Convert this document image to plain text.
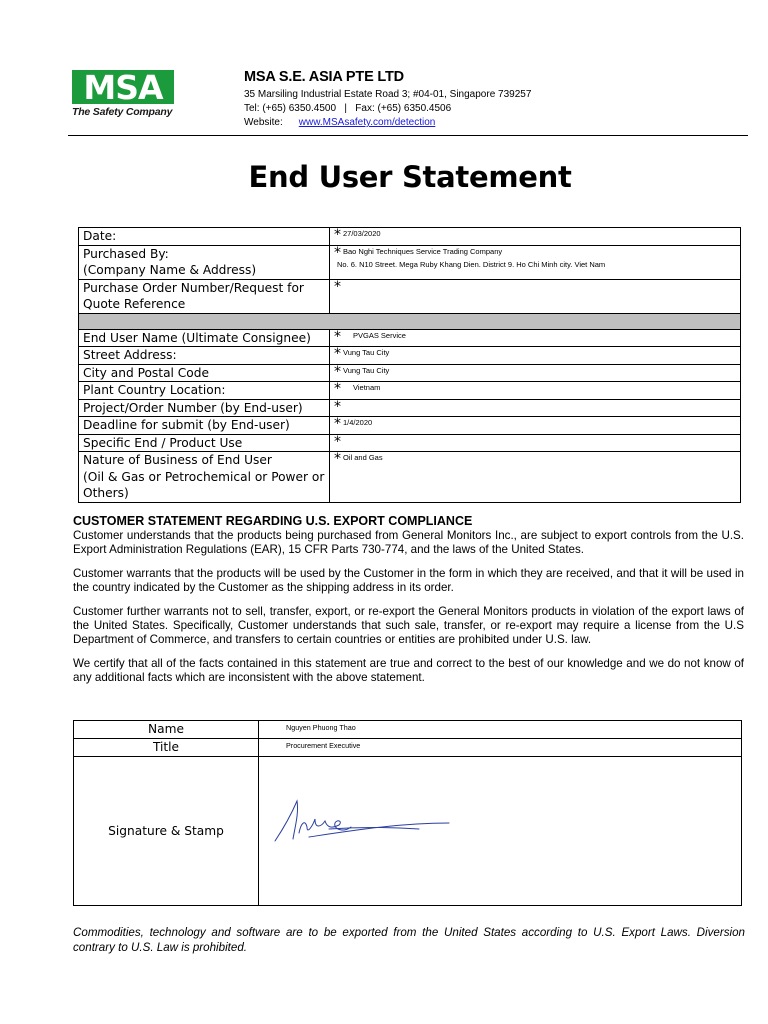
MSA
The Safety Company
MSA S.E. ASIA PTE LTD
35 Marsiling Industrial Estate Road 3; #04-01, Singapore 739257
Tel: (+65) 6350.4500   |   Fax: (+65) 6350.4506
Website: www.MSAsafety.com/detection
End User Statement
Date:	* 27/03/2020
Purchased By:
(Company Name & Address)	* Bao Nghi Techniques Service Trading Company
No. 6. N10 Street. Mega Ruby Khang Dien. District 9. Ho Chi Minh city. Viet Nam
Purchase Order Number/Request for Quote Reference	*

End User Name (Ultimate Consignee)	* PVGAS Service
Street Address:	* Vung Tau City
City and Postal Code	* Vung Tau City
Plant Country Location:	* Vietnam
Project/Order Number (by End-user)	*
Deadline for submit (by End-user)	* 1/4/2020
Specific End / Product Use	*
Nature of Business of End User
(Oil & Gas or Petrochemical or Power or Others)	* Oil and Gas
CUSTOMER STATEMENT REGARDING U.S. EXPORT COMPLIANCE

Customer understands that the products being purchased from General Monitors Inc., are subject to export controls from the U.S. Export Administration Regulations (EAR), 15 CFR Parts 730-774, and the laws of the United States.

Customer warrants that the products will be used by the Customer in the form in which they are received, and that it will be used in the country indicated by the Customer as the shipping address in its order.

Customer further warrants not to sell, transfer, export, or re-export the General Monitors products in violation of the export laws of the United States. Specifically, Customer understands that such sale, transfer, or re-export may require a license from the U.S Department of Commerce, and transfers to certain countries or entities are prohibited under U.S. law.

We certify that all of the facts contained in this statement are true and correct to the best of our knowledge and we do not know of any additional facts which are inconsistent with the above statement.

Name	Nguyen Phuong Thao
Title	Procurement Executive
Signature & Stamp	
Commodities, technology and software are to be exported from the United States according to U.S. Export Laws. Diversion contrary to U.S. Law is prohibited.
